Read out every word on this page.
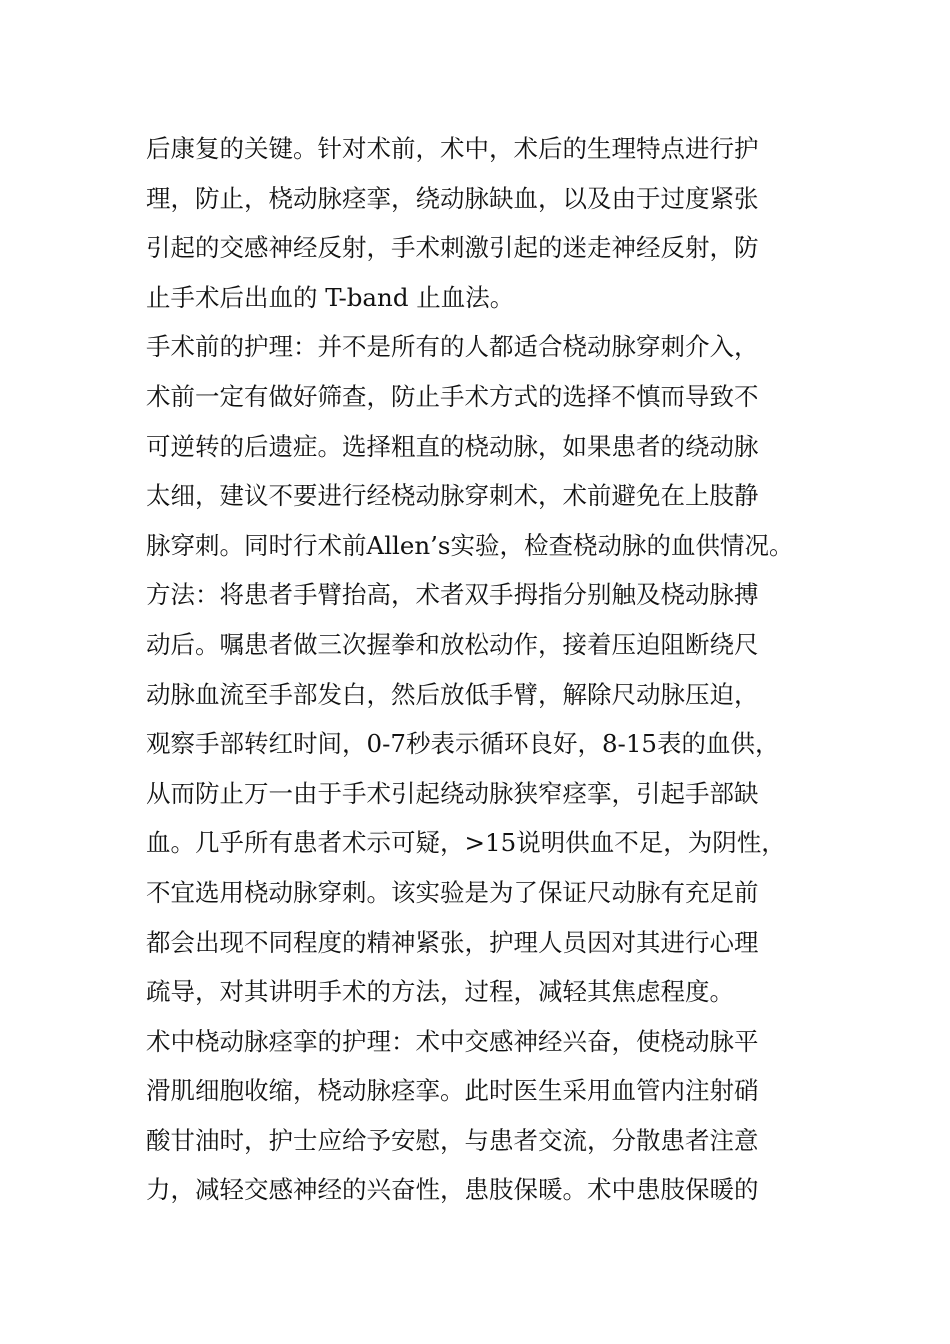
后康复的关键。针对术前，术中，术后的生理特点进行护
理，防止，桡动脉痉挛，绕动脉缺血，以及由于过度紧张
引起的交感神经反射，手术刺激引起的迷走神经反射，防
止手术后出血的 T-band 止血法。
手术前的护理：并不是所有的人都适合桡动脉穿刺介入，
术前一定有做好筛查，防止手术方式的选择不慎而导致不
可逆转的后遗症。选择粗直的桡动脉，如果患者的绕动脉
太细，建议不要进行经桡动脉穿刺术，术前避免在上肢静
脉穿刺。同时行术前Allen’s实验，检查桡动脉的血供情况。
方法：将患者手臂抬高，术者双手拇指分别触及桡动脉搏
动后。嘱患者做三次握拳和放松动作，接着压迫阻断绕尺
动脉血流至手部发白，然后放低手臂，解除尺动脉压迫，
观察手部转红时间，0-7秒表示循环良好，8-15表的血供，
从而防止万一由于手术引起绕动脉狭窄痉挛，引起手部缺
血。几乎所有患者术示可疑，>15说明供血不足，为阴性，
不宜选用桡动脉穿刺。该实验是为了保证尺动脉有充足前
都会出现不同程度的精神紧张，护理人员因对其进行心理
疏导，对其讲明手术的方法，过程，减轻其焦虑程度。
术中桡动脉痉挛的护理：术中交感神经兴奋，使桡动脉平
滑肌细胞收缩，桡动脉痉挛。此时医生采用血管内注射硝
酸甘油时，护士应给予安慰，与患者交流，分散患者注意
力，减轻交感神经的兴奋性，患肢保暖。术中患肢保暖的
